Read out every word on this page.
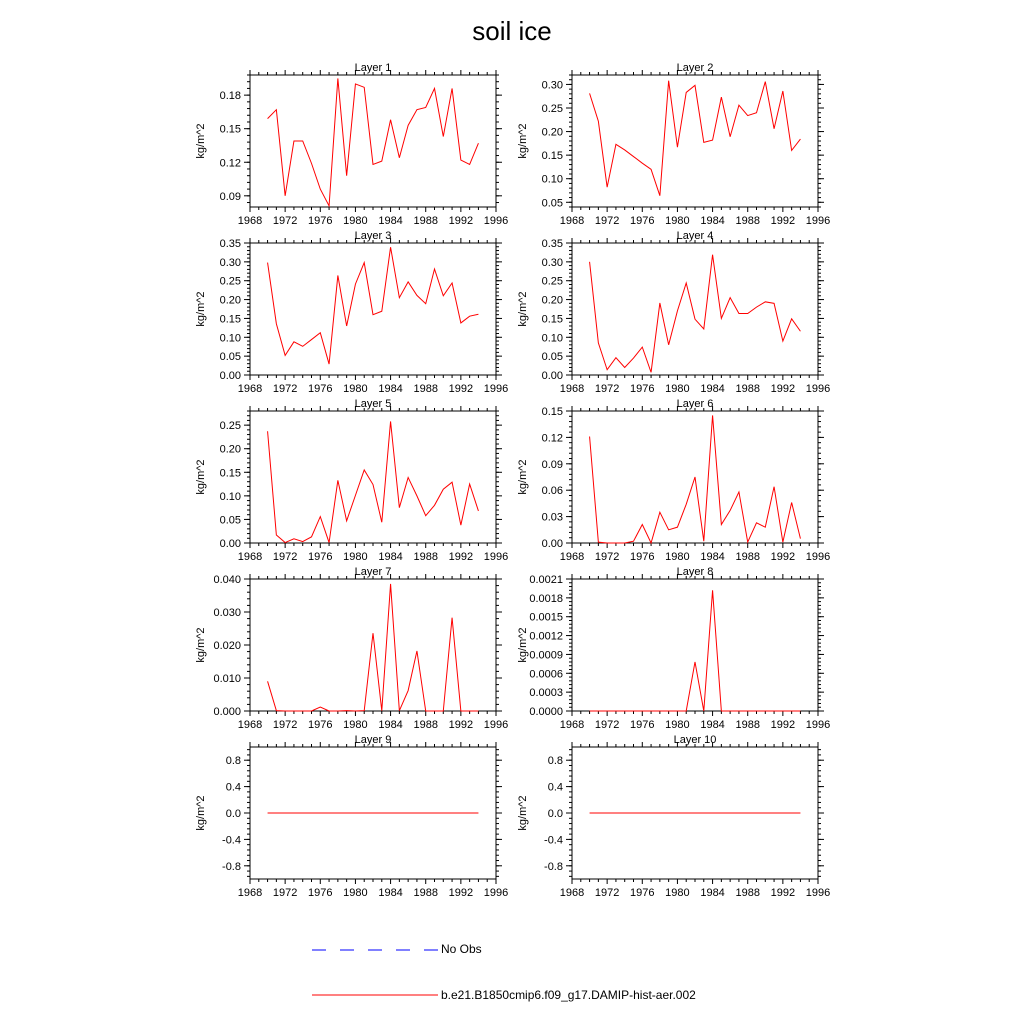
soil ice
Layer 1
kg/m^2
1968 1972 1976 1980 1984 1988 1992 1996
0.09
0.12
0.15
0.18
Layer 2
kg/m^2
1968 1972 1976 1980 1984 1988 1992 1996
0.05
0.10
0.15
0.20
0.25
0.30
Layer 3
kg/m^2
1968 1972 1976 1980 1984 1988 1992 1996
0.00
0.05
0.10
0.15
0.20
0.25
0.30
0.35
Layer 4
kg/m^2
1968 1972 1976 1980 1984 1988 1992 1996
0.00
0.05
0.10
0.15
0.20
0.25
0.30
0.35
Layer 5
kg/m^2
1968 1972 1976 1980 1984 1988 1992 1996
0.00
0.05
0.10
0.15
0.20
0.25
Layer 6
kg/m^2
1968 1972 1976 1980 1984 1988 1992 1996
0.00
0.03
0.06
0.09
0.12
0.15
Layer 7
kg/m^2
1968 1972 1976 1980 1984 1988 1992 1996
0.000
0.010
0.020
0.030
0.040
Layer 8
kg/m^2
1968 1972 1976 1980 1984 1988 1992 1996
0.0000
0.0003
0.0006
0.0009
0.0012
0.0015
0.0018
0.0021
Layer 9
kg/m^2
1968 1972 1976 1980 1984 1988 1992 1996
-0.8
-0.4
0.0
0.4
0.8
Layer 10
kg/m^2
1968 1972 1976 1980 1984 1988 1992 1996
-0.8
-0.4
0.0
0.4
0.8
No Obs
b.e21.B1850cmip6.f09_g17.DAMIP-hist-aer.002
